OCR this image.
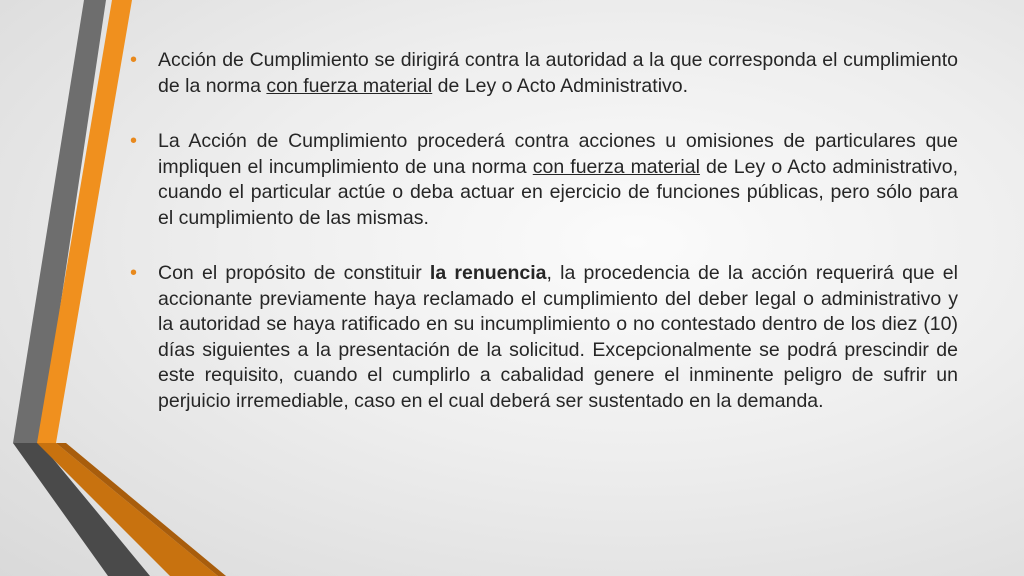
• Acción de Cumplimiento se dirigirá contra la autoridad a la que corresponda el cumplimiento de la norma con fuerza material de Ley o Acto Administrativo.

• La Acción de Cumplimiento procederá contra acciones u omisiones de particulares que impliquen el incumplimiento de una norma con fuerza material de Ley o Acto administrativo, cuando el particular actúe o deba actuar en ejercicio de funciones públicas, pero sólo para el cumplimiento de las mismas.

• Con el propósito de constituir la renuencia, la procedencia de la acción requerirá que el accionante previamente haya reclamado el cumplimiento del deber legal o administrativo y la autoridad se haya ratificado en su incumplimiento o no contestado dentro de los diez (10) días siguientes a la presentación de la solicitud. Excepcionalmente se podrá prescindir de este requisito, cuando el cumplirlo a cabalidad genere el inminente peligro de sufrir un perjuicio irremediable, caso en el cual deberá ser sustentado en la demanda.
